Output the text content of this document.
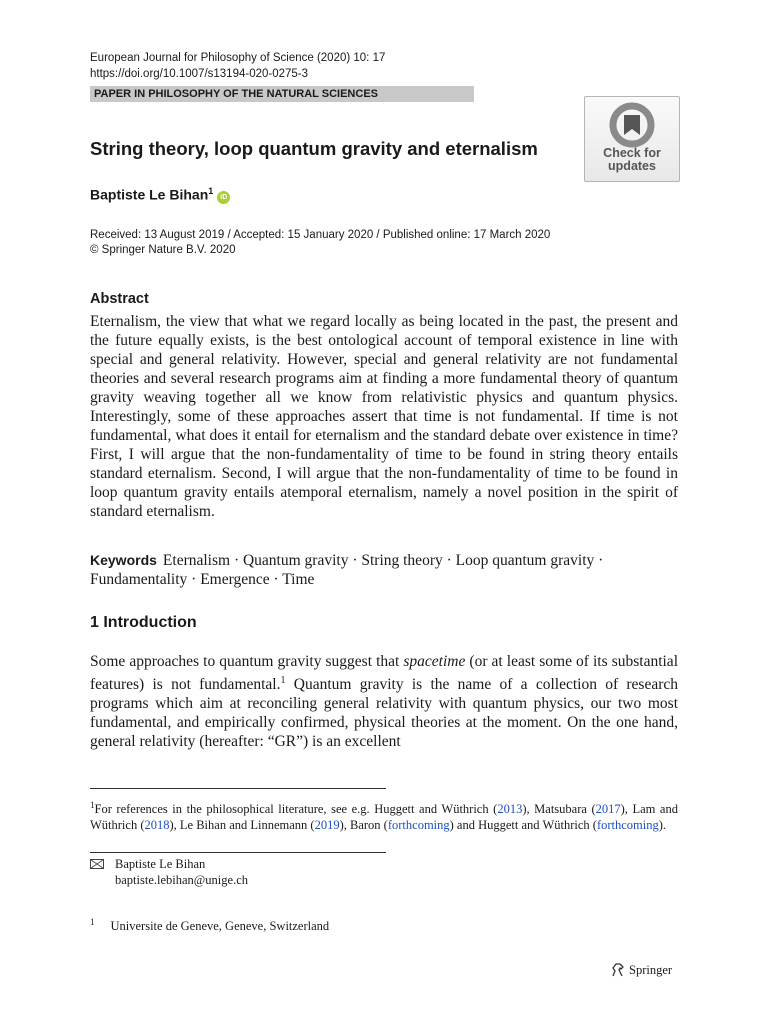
European Journal for Philosophy of Science (2020) 10: 17
https://doi.org/10.1007/s13194-020-0275-3
PAPER IN PHILOSOPHY OF THE NATURAL SCIENCES
Check for
updates
String theory, loop quantum gravity and eternalism
Baptiste Le Bihan$^1$iD
Received: 13 August 2019 / Accepted: 15 January 2020 / Published online: 17 March 2020
© Springer Nature B.V. 2020
Abstract
Eternalism, the view that what we regard locally as being located in the past, the present and the future equally exists, is the best ontological account of temporal existence in line with special and general relativity. However, special and general relativity are not fundamental theories and several research programs aim at finding a more fundamental theory of quantum gravity weaving together all we know from relativistic physics and quantum physics. Interestingly, some of these approaches assert that time is not fundamental. If time is not fundamental, what does it entail for eternalism and the standard debate over existence in time? First, I will argue that the non-fundamentality of time to be found in string theory entails standard eternalism. Second, I will argue that the non-fundamentality of time to be found in loop quantum gravity entails atemporal eternalism, namely a novel position in the spirit of standard eternalism.
Keywords Eternalism · Quantum gravity · String theory · Loop quantum gravity · Fundamentality · Emergence · Time
1 Introduction
Some approaches to quantum gravity suggest that spacetime (or at least some of its substantial features) is not fundamental.$^1$ Quantum gravity is the name of a collection of research programs which aim at reconciling general relativity with quantum physics, our two most fundamental, and empirically confirmed, physical theories at the moment. On the one hand, general relativity (hereafter: “GR”) is an excellent
$^1$For references in the philosophical literature, see e.g. Huggett and Wüthrich (2013), Matsubara (2017), Lam and Wüthrich (2018), Le Bihan and Linnemann (2019), Baron (forthcoming) and Huggett and Wüthrich (forthcoming).
Baptiste Le Bihan
baptiste.lebihan@unige.ch
$^1$ Universite de Geneve, Geneve, Switzerland
Springer
